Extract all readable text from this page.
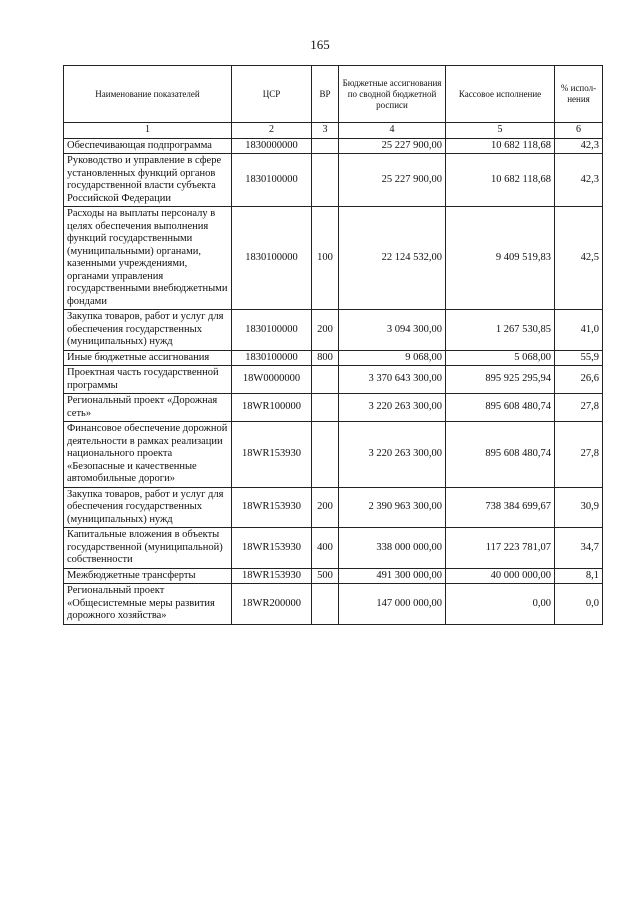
165
Наименование показателей	ЦСР	ВР	Бюджетные ассигнования по сводной бюджетной росписи	Кассовое исполнение	% испол- нения
1	2	3	4	5	6
Обеспечивающая подпрограмма	1830000000		25 227 900,00	10 682 118,68	42,3
Руководство и управление в сфере установленных функций органов государственной власти субъекта Российской Федерации	1830100000		25 227 900,00	10 682 118,68	42,3
Расходы на выплаты персоналу в целях обеспечения выполнения функций государственными (муниципальными) органами, казенными учреждениями, органами управления государственными внебюджетными фондами	1830100000	100	22 124 532,00	9 409 519,83	42,5
Закупка товаров, работ и услуг для обеспечения государственных (муниципальных) нужд	1830100000	200	3 094 300,00	1 267 530,85	41,0
Иные бюджетные ассигнования	1830100000	800	9 068,00	5 068,00	55,9
Проектная часть государственной программы	18W0000000		3 370 643 300,00	895 925 295,94	26,6
Региональный проект «Дорожная сеть»	18WR100000		3 220 263 300,00	895 608 480,74	27,8
Финансовое обеспечение дорожной деятельности в рамках реализации национального проекта «Безопасные и качественные автомобильные дороги»	18WR153930		3 220 263 300,00	895 608 480,74	27,8
Закупка товаров, работ и услуг для обеспечения государственных (муниципальных) нужд	18WR153930	200	2 390 963 300,00	738 384 699,67	30,9
Капитальные вложения в объекты государственной (муниципальной) собственности	18WR153930	400	338 000 000,00	117 223 781,07	34,7
Межбюджетные трансферты	18WR153930	500	491 300 000,00	40 000 000,00	8,1
Региональный проект «Общесистемные меры развития дорожного хозяйства»	18WR200000		147 000 000,00	0,00	0,0
